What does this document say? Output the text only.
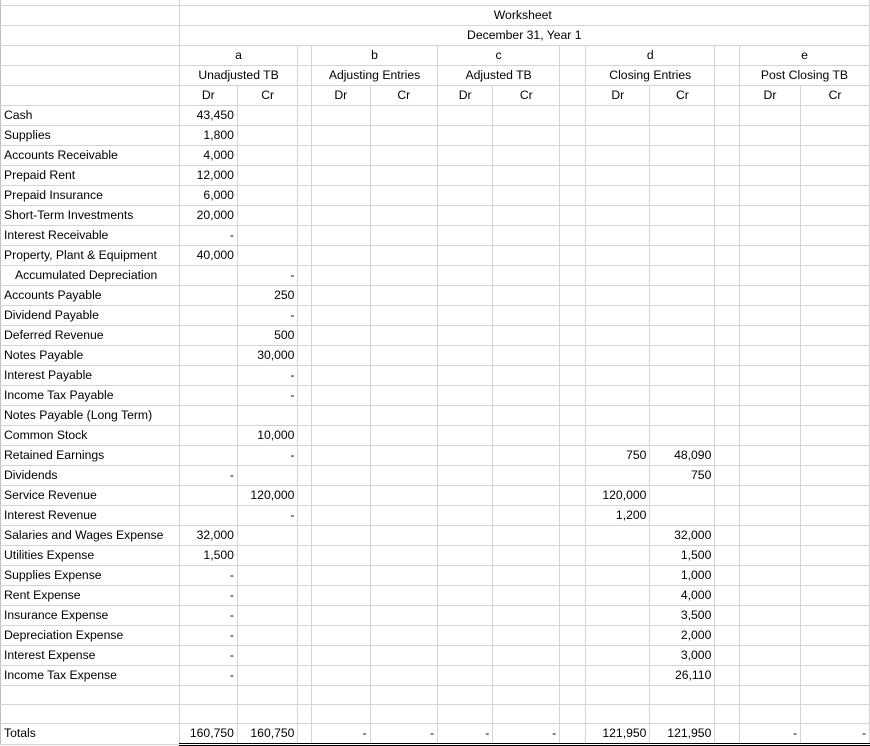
	Worksheet												
	December 31, Year 1												
	a			b		c			d			e	
	Unadjusted TB			Adjusting Entries		Adjusted TB			Closing Entries			Post Closing TB	
	Dr	Cr		Dr	Cr	Dr	Cr		Dr	Cr		Dr	Cr
Cash	43,450												
Supplies	1,800												
Accounts Receivable	4,000												
Prepaid Rent	12,000												
Prepaid Insurance	6,000												
Short-Term Investments	20,000												
Interest Receivable	-												
Property, Plant & Equipment	40,000												
Accumulated Depreciation		-											
Accounts Payable		250											
Dividend Payable		-											
Deferred Revenue		500											
Notes Payable		30,000											
Interest Payable		-											
Income Tax Payable		-											
Notes Payable (Long Term)													
Common Stock		10,000											
Retained Earnings		-							750	48,090			
Dividends	-									750			
Service Revenue		120,000							120,000				
Interest Revenue		-							1,200				
Salaries and Wages Expense	32,000									32,000			
Utilities Expense	1,500									1,500			
Supplies Expense	-									1,000			
Rent Expense	-									4,000			
Insurance Expense	-									3,500			
Depreciation Expense	-									2,000			
Interest Expense	-									3,000			
Income Tax Expense	-									26,110			

Totals	160,750	160,750		-	-	-	-		121,950	121,950		-	-
